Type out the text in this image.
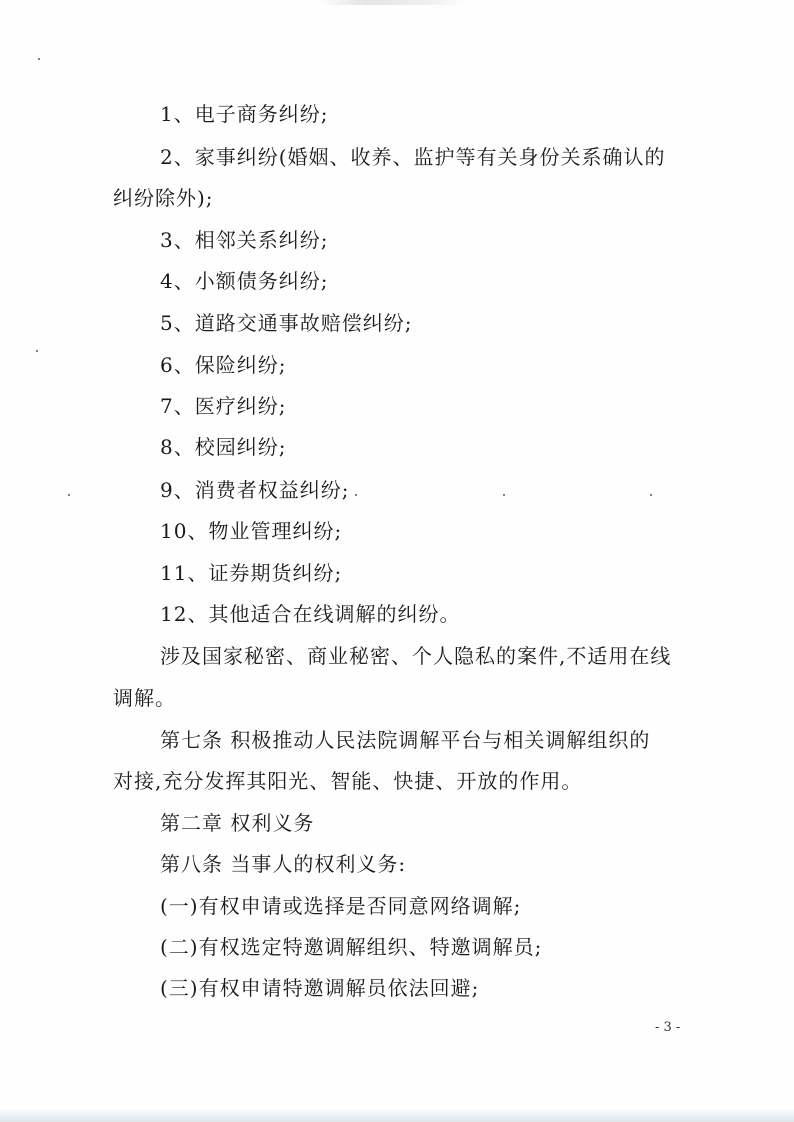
1、电子商务纠纷;
2、家事纠纷(婚姻、收养、监护等有关身份关系确认的
纠纷除外);
3、相邻关系纠纷;
4、小额债务纠纷;
5、道路交通事故赔偿纠纷;
6、保险纠纷;
7、医疗纠纷;
8、校园纠纷;
9、消费者权益纠纷;
10、物业管理纠纷;
11、证券期货纠纷;
12、其他适合在线调解的纠纷。
涉及国家秘密、商业秘密、个人隐私的案件,不适用在线
调解。
第七条 积极推动人民法院调解平台与相关调解组织的
对接,充分发挥其阳光、智能、快捷、开放的作用。
第二章 权利义务
第八条 当事人的权利义务:
(一)有权申请或选择是否同意网络调解;
(二)有权选定特邀调解组织、特邀调解员;
(三)有权申请特邀调解员依法回避;
- 3 -
